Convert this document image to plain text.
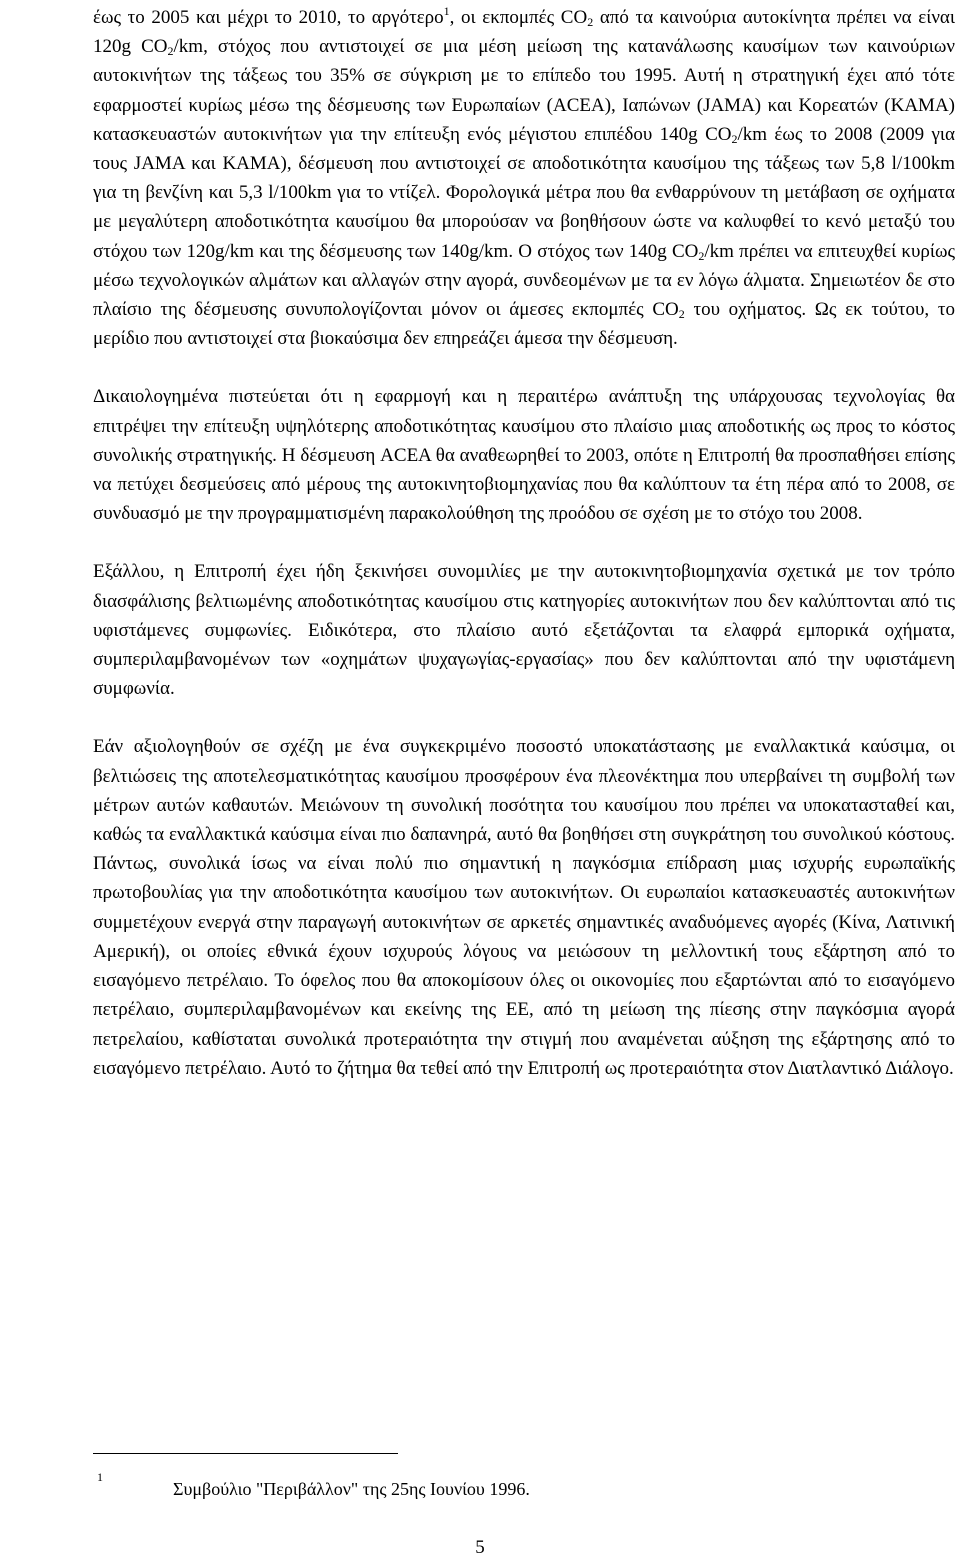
έως το 2005 και μέχρι το 2010, το αργότερο$^1$, οι εκπομπές $CO_2$ από τα καινούρια αυτοκίνητα πρέπει να είναι 120g $CO_2/km$, στόχος που αντιστοιχεί σε μια μέση μείωση της κατανάλωσης καυσίμων των καινούριων αυτοκινήτων της τάξεως του 35% σε σύγκριση με το επίπεδο του 1995. Αυτή η στρατηγική έχει από τότε εφαρμοστεί κυρίως μέσω της δέσμευσης των Ευρωπαίων (ACEA), Ιαπώνων (JAMA) και Κορεατών (KAMA) κατασκευαστών αυτοκινήτων για την επίτευξη ενός μέγιστου επιπέδου 140g $CO_2/km$ έως το 2008 (2009 για τους JAMA και KAMA), δέσμευση που αντιστοιχεί σε αποδοτικότητα καυσίμου της τάξεως των 5,8 l/100km για τη βενζίνη και 5,3 l/100km για το ντίζελ. Φορολογικά μέτρα που θα ενθαρρύνουν τη μετάβαση σε οχήματα με μεγαλύτερη αποδοτικότητα καυσίμου θα μπορούσαν να βοηθήσουν ώστε να καλυφθεί το κενό μεταξύ του στόχου των 120g/km και της δέσμευσης των 140g/km. Ο στόχος των 140g $CO_2/km$ πρέπει να επιτευχθεί κυρίως μέσω τεχνολογικών αλμάτων και αλλαγών στην αγορά, συνδεομένων με τα εν λόγω άλματα. Σημειωτέον δε στο πλαίσιο της δέσμευσης συνυπολογίζονται μόνον οι άμεσες εκπομπές $CO_2$ του οχήματος. Ως εκ τούτου, το μερίδιο που αντιστοιχεί στα βιοκαύσιμα δεν επηρεάζει άμεσα την δέσμευση.

Δικαιολογημένα πιστεύεται ότι η εφαρμογή και η περαιτέρω ανάπτυξη της υπάρχουσας τεχνολογίας θα επιτρέψει την επίτευξη υψηλότερης αποδοτικότητας καυσίμου στο πλαίσιο μιας αποδοτικής ως προς το κόστος συνολικής στρατηγικής. Η δέσμευση ACEA θα αναθεωρηθεί το 2003, οπότε η Επιτροπή θα προσπαθήσει επίσης να πετύχει δεσμεύσεις από μέρους της αυτοκινητοβιομηχανίας που θα καλύπτουν τα έτη πέρα από το 2008, σε συνδυασμό με την προγραμματισμένη παρακολούθηση της προόδου σε σχέση με το στόχο του 2008.

Εξάλλου, η Επιτροπή έχει ήδη ξεκινήσει συνομιλίες με την αυτοκινητοβιομηχανία σχετικά με τον τρόπο διασφάλισης βελτιωμένης αποδοτικότητας καυσίμου στις κατηγορίες αυτοκινήτων που δεν καλύπτονται από τις υφιστάμενες συμφωνίες. Ειδικότερα, στο πλαίσιο αυτό εξετάζονται τα ελαφρά εμπορικά οχήματα, συμπεριλαμβανομένων των «οχημάτων ψυχαγωγίας-εργασίας» που δεν καλύπτονται από την υφιστάμενη συμφωνία.

Εάν αξιολογηθούν σε σχέζη με ένα συγκεκριμένο ποσοστό υποκατάστασης με εναλλακτικά καύσιμα, οι βελτιώσεις της αποτελεσματικότητας καυσίμου προσφέρουν ένα πλεονέκτημα που υπερβαίνει τη συμβολή των μέτρων αυτών καθαυτών. Μειώνουν τη συνολική ποσότητα του καυσίμου που πρέπει να υποκατασταθεί και, καθώς τα εναλλακτικά καύσιμα είναι πιο δαπανηρά, αυτό θα βοηθήσει στη συγκράτηση του συνολικού κόστους. Πάντως, συνολικά ίσως να είναι πολύ πιο σημαντική η παγκόσμια επίδραση μιας ισχυρής ευρωπαϊκής πρωτοβουλίας για την αποδοτικότητα καυσίμου των αυτοκινήτων. Οι ευρωπαίοι κατασκευαστές αυτοκινήτων συμμετέχουν ενεργά στην παραγωγή αυτοκινήτων σε αρκετές σημαντικές αναδυόμενες αγορές (Κίνα, Λατινική Αμερική), οι οποίες εθνικά έχουν ισχυρούς λόγους να μειώσουν τη μελλοντική τους εξάρτηση από το εισαγόμενο πετρέλαιο. Το όφελος που θα αποκομίσουν όλες οι οικονομίες που εξαρτώνται από το εισαγόμενο πετρέλαιο, συμπεριλαμβανομένων και εκείνης της ΕΕ, από τη μείωση της πίεσης στην παγκόσμια αγορά πετρελαίου, καθίσταται συνολικά προτεραιότητα την στιγμή που αναμένεται αύξηση της εξάρτησης από το εισαγόμενο πετρέλαιο. Αυτό το ζήτημα θα τεθεί από την Επιτροπή ως προτεραιότητα στον Διατλαντικό Διάλογο.

1
Συμβούλιο "Περιβάλλον" της 25ης Ιουνίου 1996.
5
